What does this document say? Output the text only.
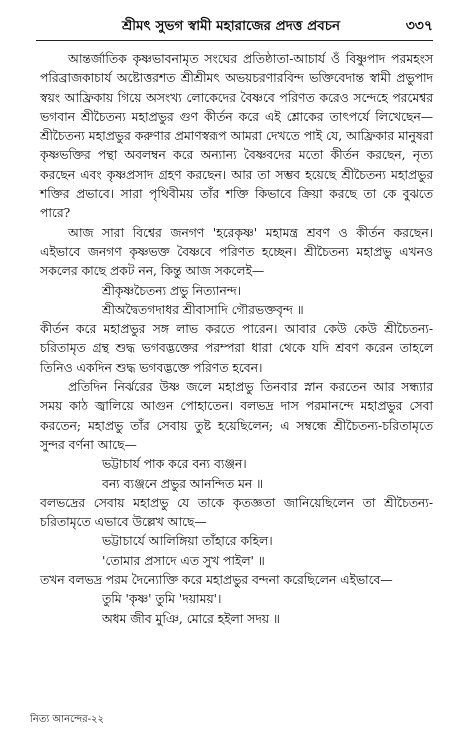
শ্রীমৎ সুভগ স্বামী মহারাজের প্রদত্ত প্রবচন	৩৩৭

আন্তর্জাতিক কৃষ্ণভাবনামৃত সংঘের প্রতিষ্ঠাতা-আচার্য ওঁ বিষ্ণুপাদ পরমহংস পরিব্রাজকাচার্য অষ্টোত্তরশত শ্রীশ্রীমৎ অভয়চরণারবিন্দ ভক্তিবেদান্ত স্বামী প্রভুপাদ স্বয়ং আফ্রিকায় গিয়ে অসংখ্য লোকেদের বৈষ্ণবে পরিণত করেও সন্দেহে পরমেশ্বর ভগবান শ্রীচৈতন্য মহাপ্রভুর গুণ কীর্তন করে এই শ্লোকের তাৎপর্যে লিখেছেন—শ্রীচৈতন্য মহাপ্রভুর করুণার প্রমাণস্বরূপ আমরা দেখতে পাই যে, আফ্রিকার মানুষরা কৃষ্ণভক্তির পন্থা অবলম্বন করে অন্যান্য বৈষ্ণবদের মতো কীর্তন করছেন, নৃত্য করছেন এবং কৃষ্ণপ্রসাদ গ্রহণ করছেন। আর তা সম্ভব হয়েছে শ্রীচৈতন্য মহাপ্রভুর শক্তির প্রভাবে। সারা পৃথিবীময় তাঁর শক্তি কিভাবে ক্রিয়া করছে তা কে বুঝতে পারে?

আজ সারা বিশ্বের জনগণ 'হরেকৃষ্ণ' মহামন্ত্র শ্রবণ ও কীর্তন করছেন। এইভাবে জনগণ কৃষ্ণভক্ত বৈষ্ণবে পরিণত হচ্ছেন। শ্রীচৈতন্য মহাপ্রভু এখনও সকলের কাছে প্রকট নন, কিন্তু আজ সকলেই—

শ্রীকৃষ্ণচৈতন্য প্রভু নিত্যানন্দ।
শ্রীঅদ্বৈতগদাধর শ্রীবাসাদি গৌরভক্তবৃন্দ ॥

কীর্তন করে মহাপ্রভুর সঙ্গ লাভ করতে পারেন। আবার কেউ কেউ শ্রীচৈতন্য-চরিতামৃত গ্রন্থ শুদ্ধ ভগবদ্ভক্তের পরম্পরা ধারা থেকে যদি শ্রবণ করেন তাহলে তিনিও একদিন শুদ্ধ ভগবদ্ভক্তে পরিণত হবেন।

প্রতিদিন নির্ঝরের উষ্ণ জলে মহাপ্রভু তিনবার স্নান করতেন আর সন্ধ্যার সময় কাঠ জ্বালিয়ে আগুন পোহাতেন। বলভদ্র দাস পরমানন্দে মহাপ্রভুর সেবা করতেন; মহাপ্রভু তাঁর সেবায় তুষ্ট হয়েছিলেন; এ সম্বন্ধে শ্রীচৈতন্য-চরিতামৃতে সুন্দর বর্ণনা আছে—

ভট্টাচার্য পাক করে বন্য ব্যঞ্জন।
বন্য ব্যঞ্জনে প্রভুর আনন্দিত মন ॥

বলভদ্রের সেবায় মহাপ্রভু যে তাকে কৃতজ্ঞতা জানিয়েছিলেন তা শ্রীচৈতন্য- চরিতামৃতে এভাবে উল্লেখ আছে—

ভট্টাচার্যে আলিঙ্গিয়া তাঁহারে কহিল।
'তোমার প্রসাদে এত সুখ পাইল' ॥

তখন বলভদ্র পরম দৈন্যোক্তি করে মহাপ্রভুর বন্দনা করেছিলেন এইভাবে—

তুমি 'কৃষ্ণ' তুমি 'দয়াময়'।
অধম জীব মুঞি, মোরে হইলা সদয় ॥
নিত্য আনন্দের-২২
